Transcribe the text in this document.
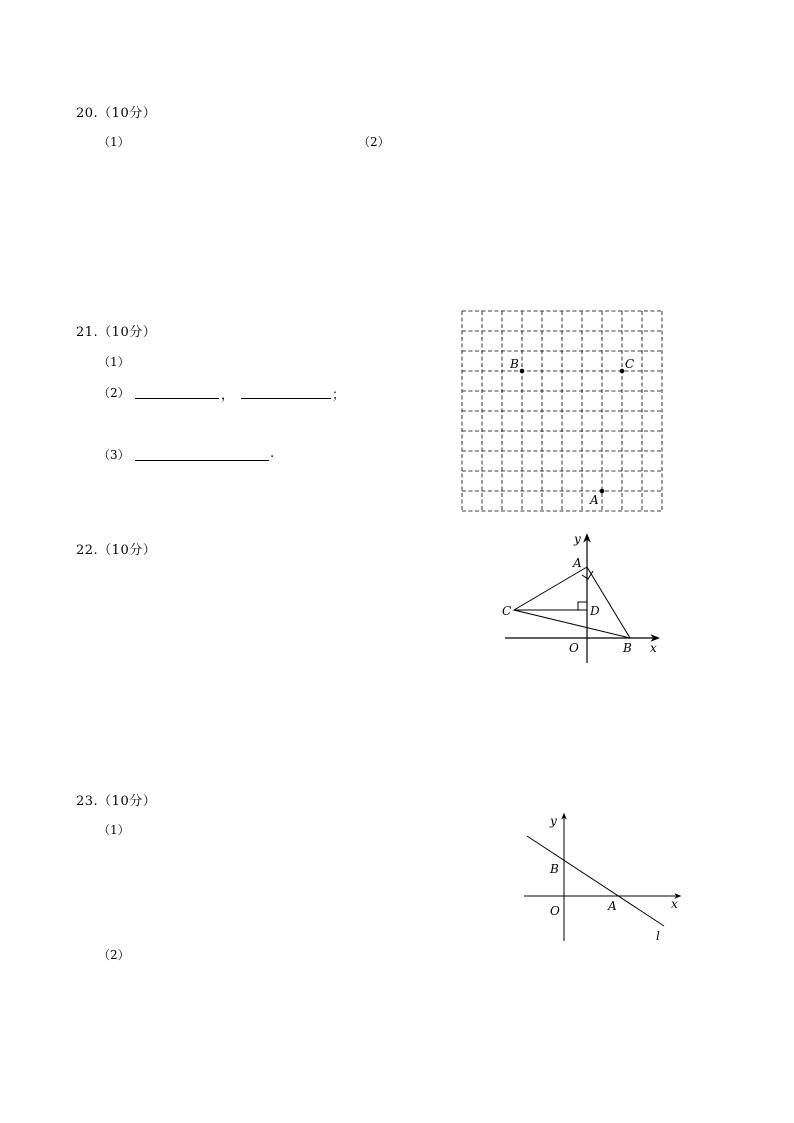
20.（10分）
（1）	（2）
21.（10分）
（1）
（2）	，	；
（3）	.
B	C
A
22.（10分）
y
A
C	D
O	B x
23.（10分）
（1）
（2）
y
B
O	A	x
l
